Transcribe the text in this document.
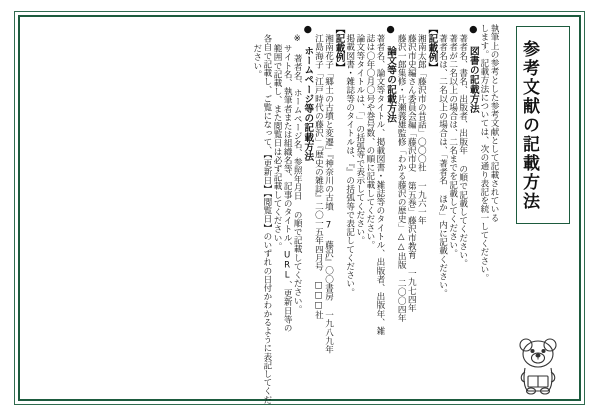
参考文献の記載方法
執筆上の参考とした参考文献として記載されている
します。記載方法については、次の通り表記を統一してください。
● 図書の記載方法
著者名、書名、出版者、出版年 の順で記載してください。
著者が二名以上の場合は、二名までを記載してください。
著者名は、二名以上の場合は、「著者名 ほか」内に記載ください。
【記載例】
湘南太郎「藤沢市の昔話」〇〇〇社 一九六一年
藤沢市史編さん委員会編「藤沢市史 第五巻」藤沢市教育 一九七四年
藤沢一郎集修・片瀬義雄監修「わかる藤沢の歴史」△△出版 二〇〇四年
● 論文等の記載方法
著者名、論文等タイトル、掲載図書・雑誌等のタイトル、出版者、出版年、雑
誌は〇年〇月〇号や巻号数、の順に記載してください。
論文等タイトルは、「」の括弧等で表示してください。
掲載図書・雑誌等のタイトルは、『』の括弧等で表記してください。
【記載例】
湘南花子「郷土の古墳と変遷」『神奈川の古墳 7 藤沢』〇〇書房 一九八九年
江島海子「江戸時代の藤沢」『歴史の雑誌』二〇一五年四月号 □□□社
● ホームページ等の記載方法
※ 著者名、ホームページ名、参照年月日 の順で記載してください。
サイト名、執筆者または組織名等、記事のタイトル、URL、更新日等の
範囲で記載し、また閲覧日は必ず記載してください。
各自で記載し、ご覧になって、【更新日】【閲覧日】のいずれの日付かわかるように表記してくだ
ださい。
